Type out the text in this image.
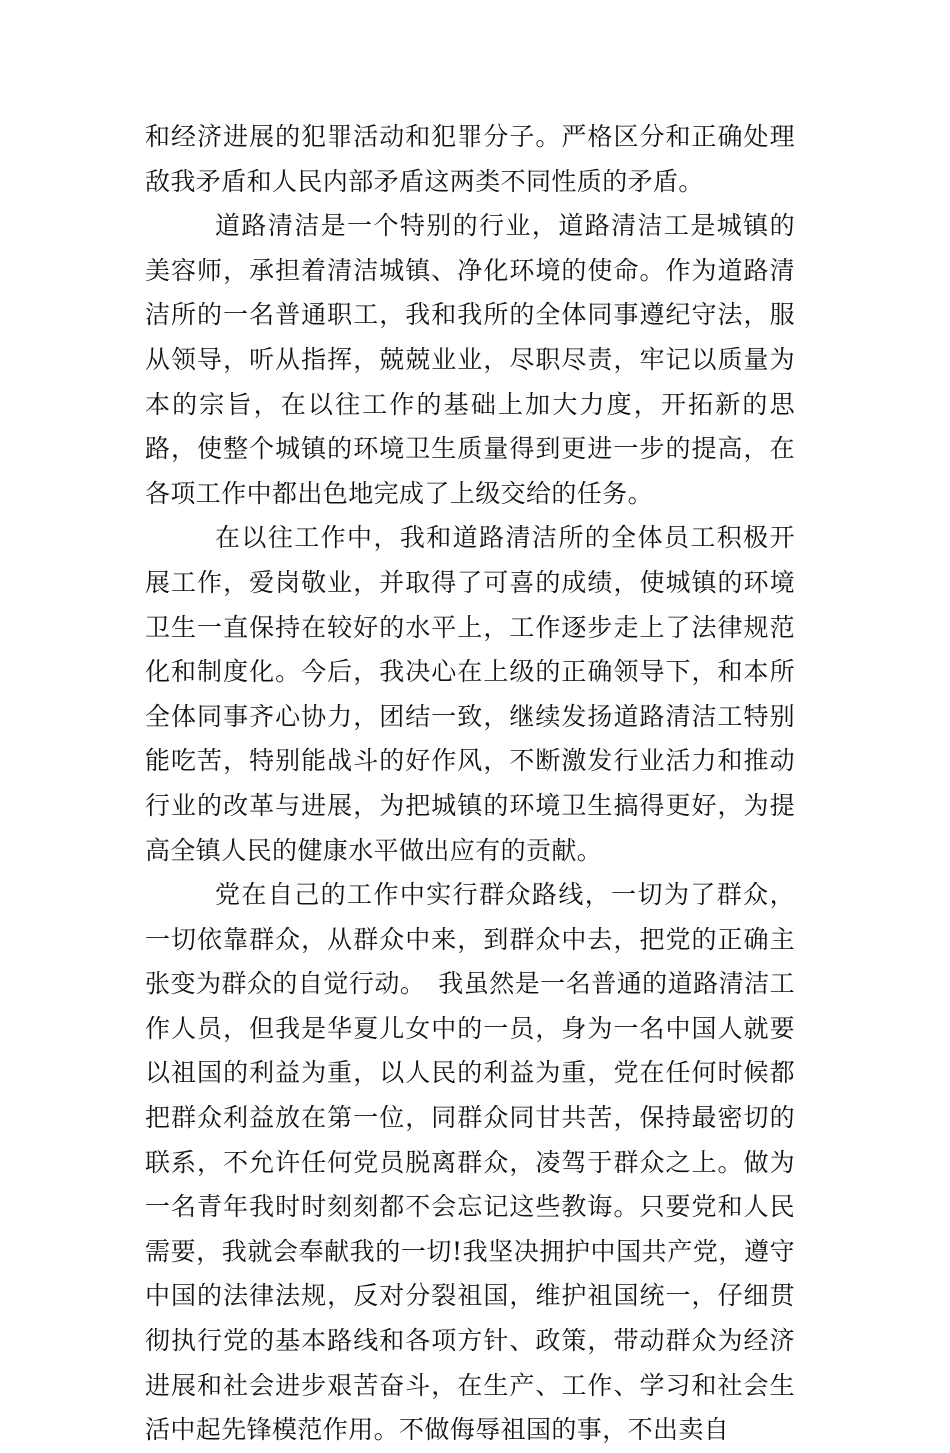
和经济进展的犯罪活动和犯罪分子。严格区分和正确处理敌我矛盾和人民内部矛盾这两类不同性质的矛盾。

道路清洁是一个特别的行业，道路清洁工是城镇的美容师，承担着清洁城镇、净化环境的使命。作为道路清洁所的一名普通职工，我和我所的全体同事遵纪守法，服从领导，听从指挥，兢兢业业，尽职尽责，牢记以质量为本的宗旨，在以往工作的基础上加大力度，开拓新的思路，使整个城镇的环境卫生质量得到更进一步的提高，在各项工作中都出色地完成了上级交给的任务。

在以往工作中，我和道路清洁所的全体员工积极开展工作，爱岗敬业，并取得了可喜的成绩，使城镇的环境卫生一直保持在较好的水平上，工作逐步走上了法律规范化和制度化。今后，我决心在上级的正确领导下，和本所全体同事齐心协力，团结一致，继续发扬道路清洁工特别能吃苦，特别能战斗的好作风，不断激发行业活力和推动行业的改革与进展，为把城镇的环境卫生搞得更好，为提高全镇人民的健康水平做出应有的贡献。

党在自己的工作中实行群众路线，一切为了群众，一切依靠群众，从群众中来，到群众中去，把党的正确主张变为群众的自觉行动。　我虽然是一名普通的道路清洁工作人员，但我是华夏儿女中的一员，身为一名中国人就要以祖国的利益为重，以人民的利益为重，党在任何时候都把群众利益放在第一位，同群众同甘共苦，保持最密切的联系，不允许任何党员脱离群众，凌驾于群众之上。做为一名青年我时时刻刻都不会忘记这些教诲。只要党和人民需要，我就会奉献我的一切!我坚决拥护中国共产党，遵守中国的法律法规，反对分裂祖国，维护祖国统一，仔细贯彻执行党的基本路线和各项方针、政策，带动群众为经济进展和社会进步艰苦奋斗，在生产、工作、学习和社会生活中起先锋模范作用。不做侮辱祖国的事，不出卖自
